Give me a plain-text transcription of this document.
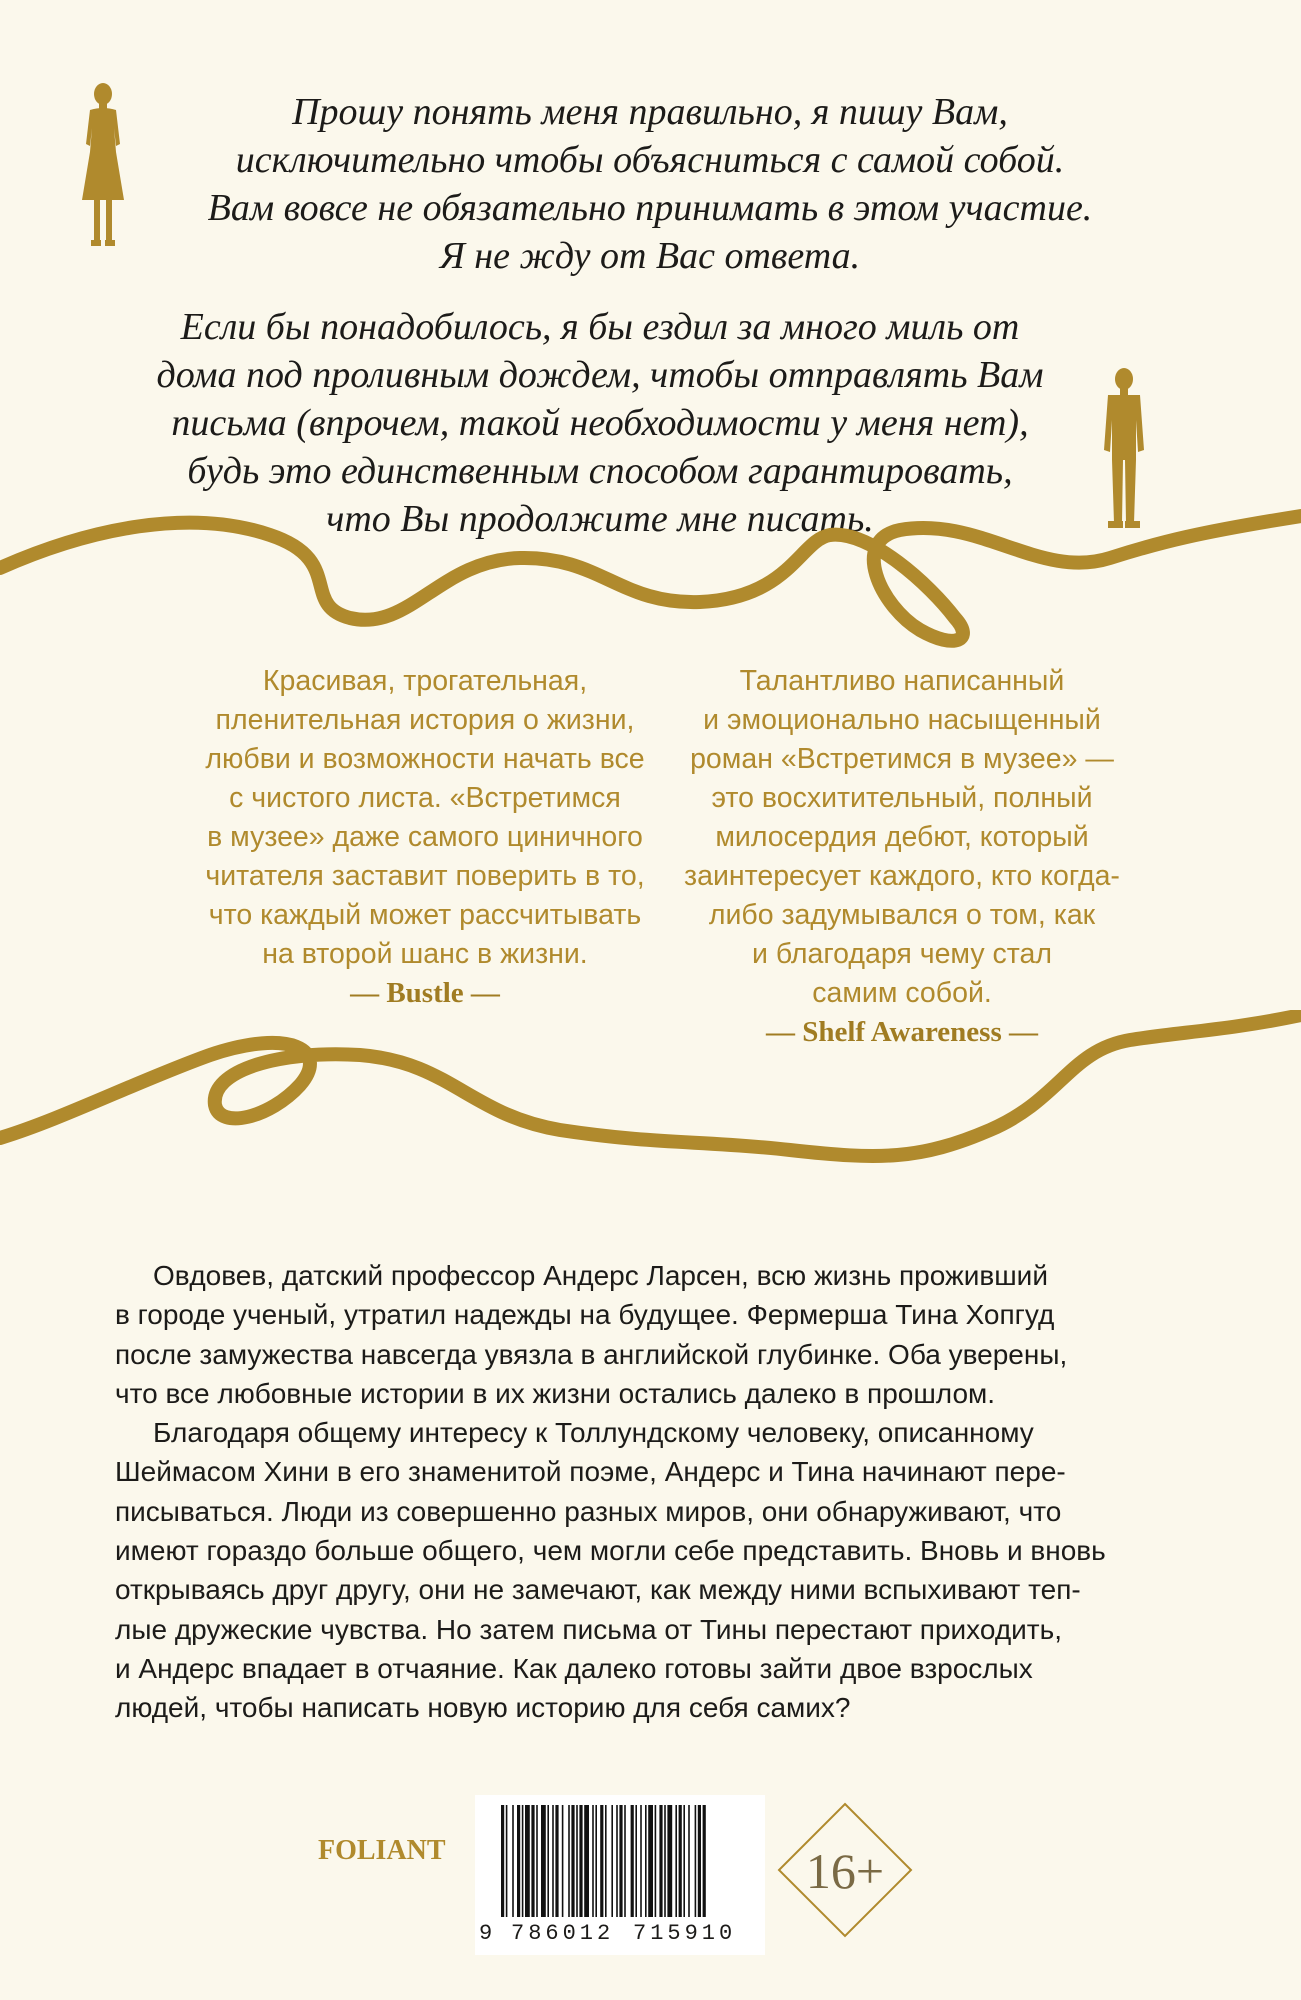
Прошу понять меня правильно, я пишу Вам,
исключительно чтобы объясниться с самой собой.
Вам вовсе не обязательно принимать в этом участие.
Я не жду от Вас ответа.
Если бы понадобилось, я бы ездил за много миль от
дома под проливным дождем, чтобы отправлять Вам
письма (впрочем, такой необходимости у меня нет),
будь это единственным способом гарантировать,
что Вы продолжите мне писать.
Красивая, трогательная,
пленительная история о жизни,
любви и возможности начать все
с чистого листа. «Встретимся
в музее» даже самого циничного
читателя заставит поверить в то,
что каждый может рассчитывать
на второй шанс в жизни.
— Bustle —
Талантливо написанный
и эмоционально насыщенный
роман «Встретимся в музее» —
это восхитительный, полный
милосердия дебют, который
заинтересует каждого, кто когда-
либо задумывался о том, как
и благодаря чему стал
самим собой.
— Shelf Awareness —
Овдовев, датский профессор Андерс Ларсен, всю жизнь проживший
в городе ученый, утратил надежды на будущее. Фермерша Тина Хопгуд
после замужества навсегда увязла в английской глубинке. Оба уверены,
что все любовные истории в их жизни остались далеко в прошлом.
Благодаря общему интересу к Толлундскому человеку, описанному
Шеймасом Хини в его знаменитой поэме, Андерс и Тина начинают пере-
писываться. Люди из совершенно разных миров, они обнаруживают, что
имеют гораздо больше общего, чем могли себе представить. Вновь и вновь
открываясь друг другу, они не замечают, как между ними вспыхивают теп-
лые дружеские чувства. Но затем письма от Тины перестают приходить,
и Андерс впадает в отчаяние. Как далеко готовы зайти двое взрослых
людей, чтобы написать новую историю для себя самих?
FOLIANT
9 786012 715910
16+
